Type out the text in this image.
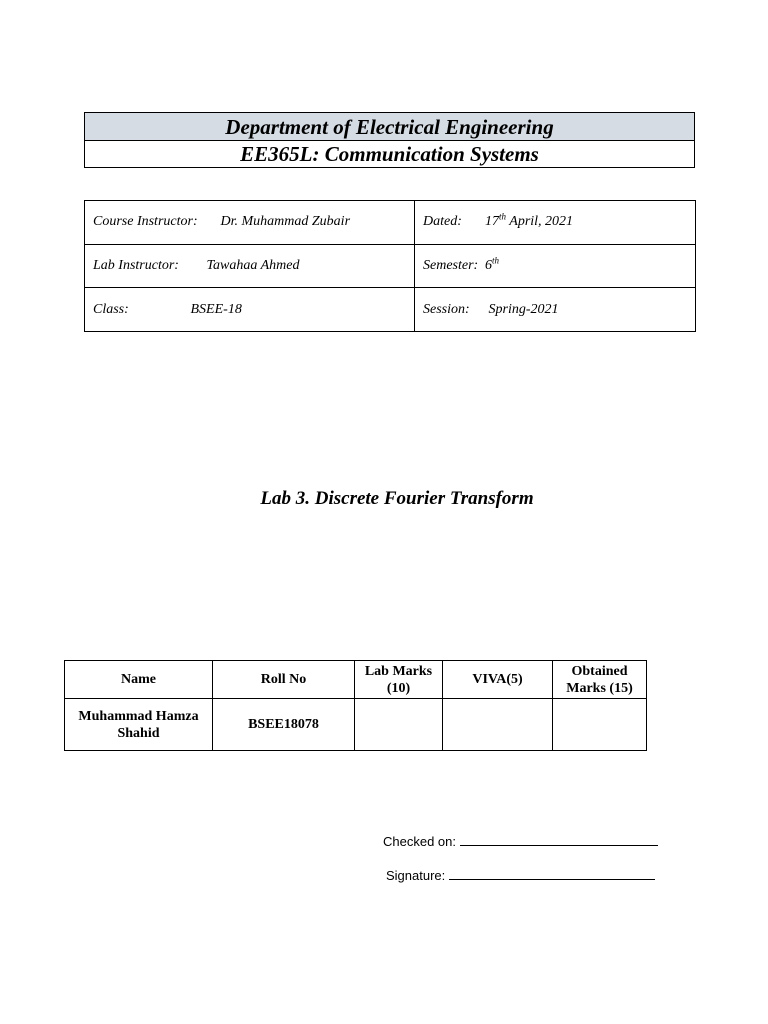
Department of Electrical Engineering
EE365L: Communication Systems
Course Instructor: Dr. Muhammad Zubair	Dated: 17th April, 2021
Lab Instructor: Tawahaa Ahmed	Semester: 6th
Class: BSEE-18	Session: Spring-2021
Lab 3. Discrete Fourier Transform
Name	Roll No	Lab Marks (10)	VIVA(5)	Obtained Marks (15)
Muhammad Hamza Shahid	BSEE18078			
Checked on:
Signature:
